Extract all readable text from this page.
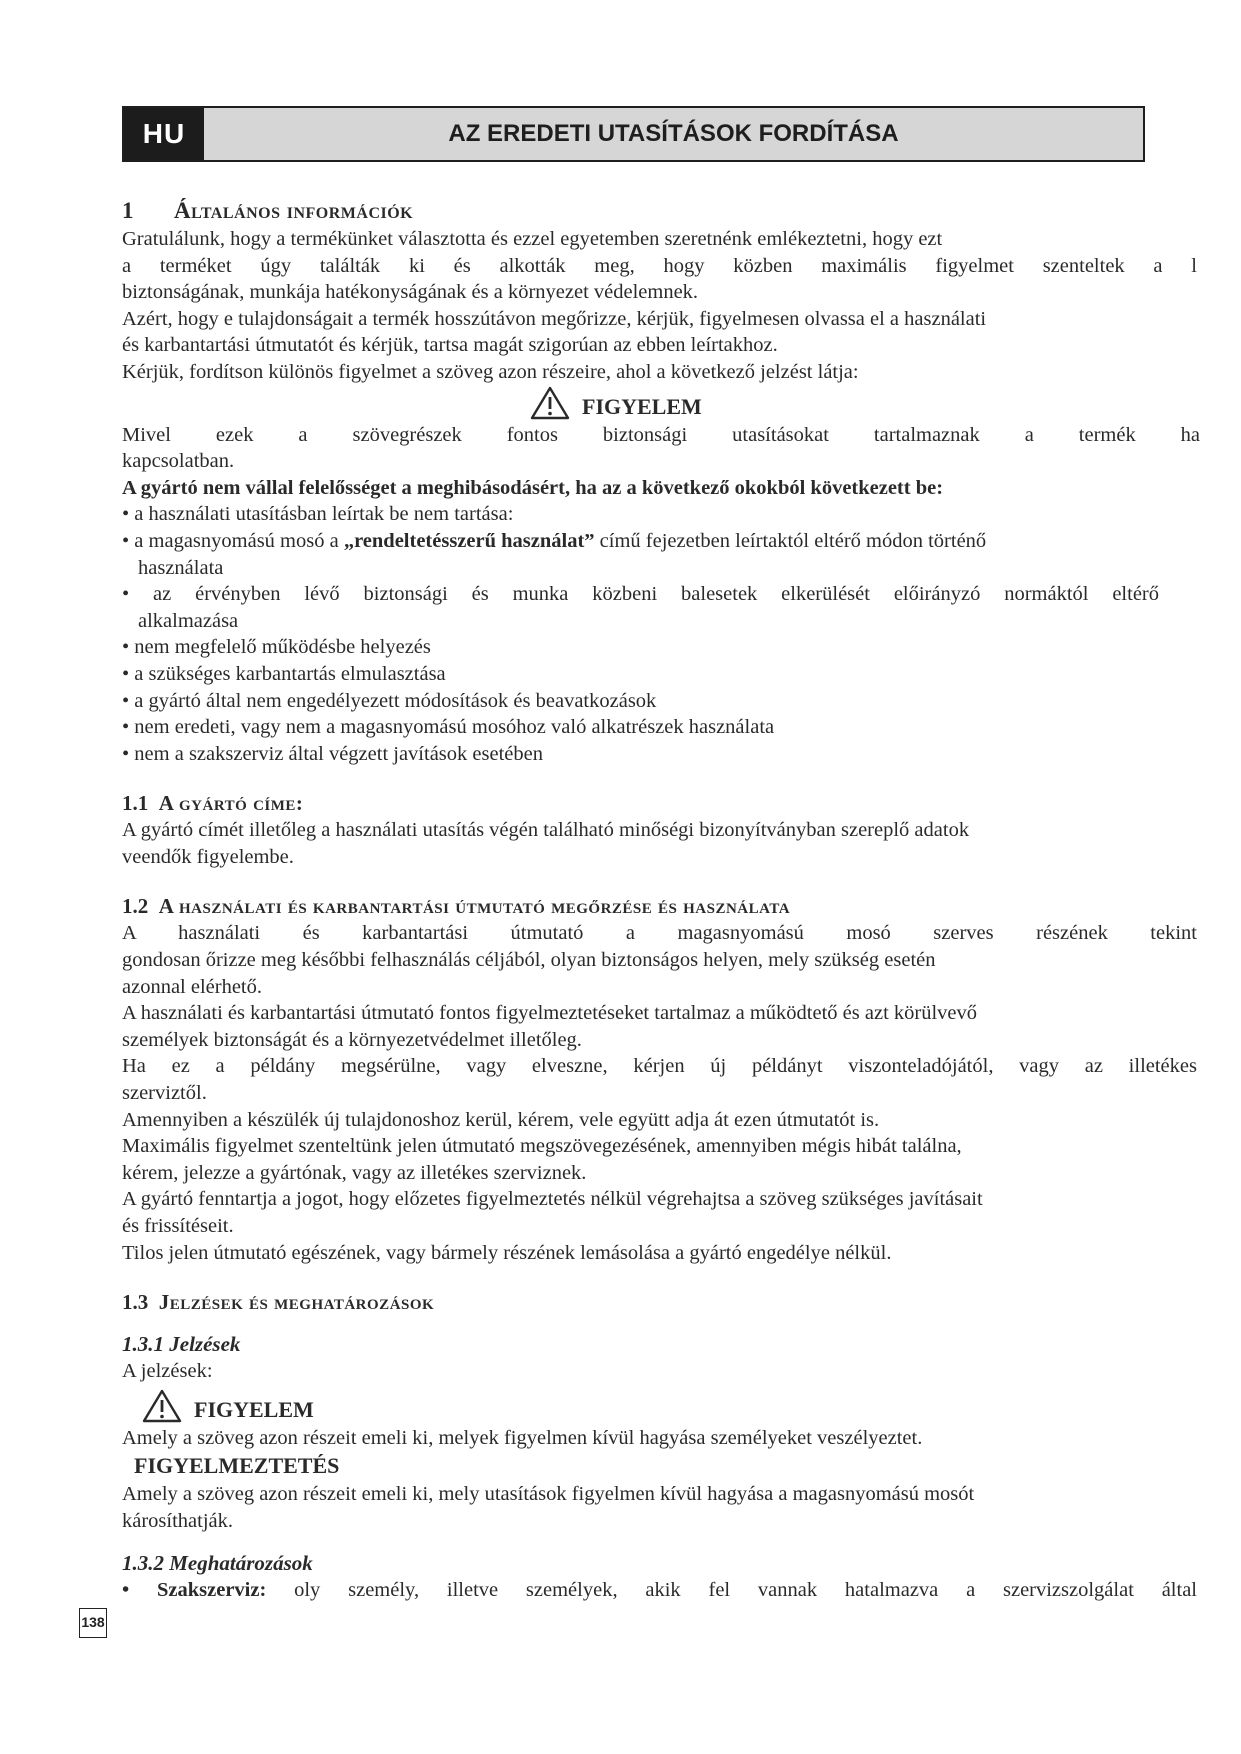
HU	AZ EREDETI UTASÍTÁSOK FORDÍTÁSA
1 Általános információk
Gratulálunk, hogy a termékünket választotta és ezzel egyetemben szeretnénk emlékeztetni, hogy ezt
a terméket úgy találták ki és alkották meg, hogy közben maximális figyelmet szenteltek a l
biztonságának, munkája hatékonyságának és a környezet védelemnek.
Azért, hogy e tulajdonságait a termék hosszútávon megőrizze, kérjük, figyelmesen olvassa el a használati
és karbantartási útmutatót és kérjük, tartsa magát szigorúan az ebben leírtakhoz.
Kérjük, fordítson különös figyelmet a szöveg azon részeire, ahol a következő jelzést látja:
FIGYELEM
Mivel ezek a szövegrészek fontos biztonsági utasításokat tartalmaznak a termék ha
kapcsolatban.
A gyártó nem vállal felelősséget a meghibásodásért, ha az a következő okokból következett be:
• a használati utasításban leírtak be nem tartása:
• a magasnyomású mosó a „rendeltetésszerű használat” című fejezetben leírtaktól eltérő módon történő
használata
• az érvényben lévő biztonsági és munka közbeni balesetek elkerülését előirányzó normáktól eltérő
alkalmazása
• nem megfelelő működésbe helyezés
• a szükséges karbantartás elmulasztása
• a gyártó által nem engedélyezett módosítások és beavatkozások
• nem eredeti, vagy nem a magasnyomású mosóhoz való alkatrészek használata
• nem a szakszerviz által végzett javítások esetében
1.1 A gyártó címe:
A gyártó címét illetőleg a használati utasítás végén található minőségi bizonyítványban szereplő adatok
veendők figyelembe.
1.2 A használati és karbantartási útmutató megőrzése és használata
A használati és karbantartási útmutató a magasnyomású mosó szerves részének tekint
gondosan őrizze meg későbbi felhasználás céljából, olyan biztonságos helyen, mely szükség esetén
azonnal elérhető.
A használati és karbantartási útmutató fontos figyelmeztetéseket tartalmaz a működtető és azt körülvevő
személyek biztonságát és a környezetvédelmet illetőleg.
Ha ez a példány megsérülne, vagy elveszne, kérjen új példányt viszonteladójától, vagy az illetékes
szerviztől.
Amennyiben a készülék új tulajdonoshoz kerül, kérem, vele együtt adja át ezen útmutatót is.
Maximális figyelmet szenteltünk jelen útmutató megszövegezésének, amennyiben mégis hibát találna,
kérem, jelezze a gyártónak, vagy az illetékes szerviznek.
A gyártó fenntartja a jogot, hogy előzetes figyelmeztetés nélkül végrehajtsa a szöveg szükséges javításait
és frissítéseit.
Tilos jelen útmutató egészének, vagy bármely részének lemásolása a gyártó engedélye nélkül.
1.3 Jelzések és meghatározások
1.3.1 Jelzések
A jelzések:
FIGYELEM
Amely a szöveg azon részeit emeli ki, melyek figyelmen kívül hagyása személyeket veszélyeztet.
FIGYELMEZTETÉS
Amely a szöveg azon részeit emeli ki, mely utasítások figyelmen kívül hagyása a magasnyomású mosót
károsíthatják.
1.3.2 Meghatározások
• Szakszerviz: oly személy, illetve személyek, akik fel vannak hatalmazva a szervizszolgálat által
138
